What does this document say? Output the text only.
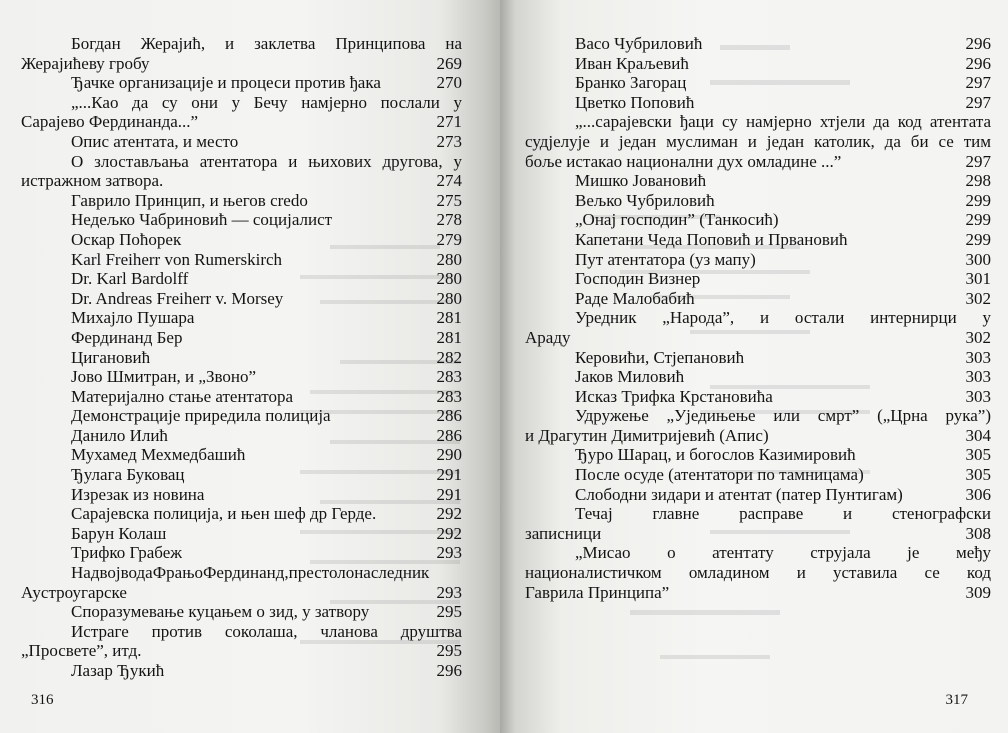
Богдан Жерајић, и заклетва Принципова на
Жерајићеву гробу	269
Ђачке организације и процеси против ђака	270
„...Као да су они у Бечу намјерно послали у
Сарајево Фердинанда...”	271
Опис атентата, и место	273
О злостављања атентатора и њихових другова, у
истражном затвора.	274
Гаврило Принцип, и његов credo	275
Недељко Чабриновић — социјалист	278
Оскар Поћорек	279
Karl Freiherr von Rumerskirch	280
Dr. Karl Bardolff	280
Dr. Andreas Freiherr v. Morsey	280
Михајло Пушара	281
Фердинанд Бер	281
Цигановић	282
Јово Шмитран, и „Звоно”	283
Материјално стање атентатора	283
Демонстрације приредила полиција	286
Данило Илић	286
Мухамед Мехмедбашић	290
Ђулага Буковац	291
Изрезак из новина	291
Сарајевска полиција, и њен шеф др Герде.	292
Барун Колаш	292
Трифко Грабеж	293
НадвојводаФрањоФердинанд,престолонаследник
Аустроугарске	293
Споразумевање куцањем о зид, у затвору	295
Истраге против соколаша, чланова друштва
„Просвете”, итд.	295
Лазар Ђукић	296
316
Васо Чубриловић	296
Иван Краљевић	296
Бранко Загорац	297
Цветко Поповић	297
„...сарајевски ђаци су намјерно хтјели да код атентата
судјелује и један муслиман и један католик, да би се тим
боље истакао национални дух омладине ...”	297
Мишко Јовановић	298
Вељко Чубриловић	299
„Онај господин” (Танкосић)	299
Капетани Чеда Поповић и Прванoвић	299
Пут атентатора (уз мапу)	300
Господин Визнер	301
Раде Малобабић	302
Уредник „Народа”, и остали интернирци у
Араду	302
Керовићи, Стјепановић	303
Јаков Миловић	303
Исказ Трифка Крстановића	303
Удружење „Уједињење или смрт” („Црна рука”)
и Драгутин Димитријевић (Апис)	304
Ђуро Шарац, и богослов Казимировић	305
После осуде (атентатори по тамницама)	305
Слободни зидари и атентат (патер Пунтигам)	306
Течај главне расправе и стенографски
записници	308
„Мисао о атентату струјала је међу
националистичком омладином и уставила се код
Гаврила Принципа”	309
317
